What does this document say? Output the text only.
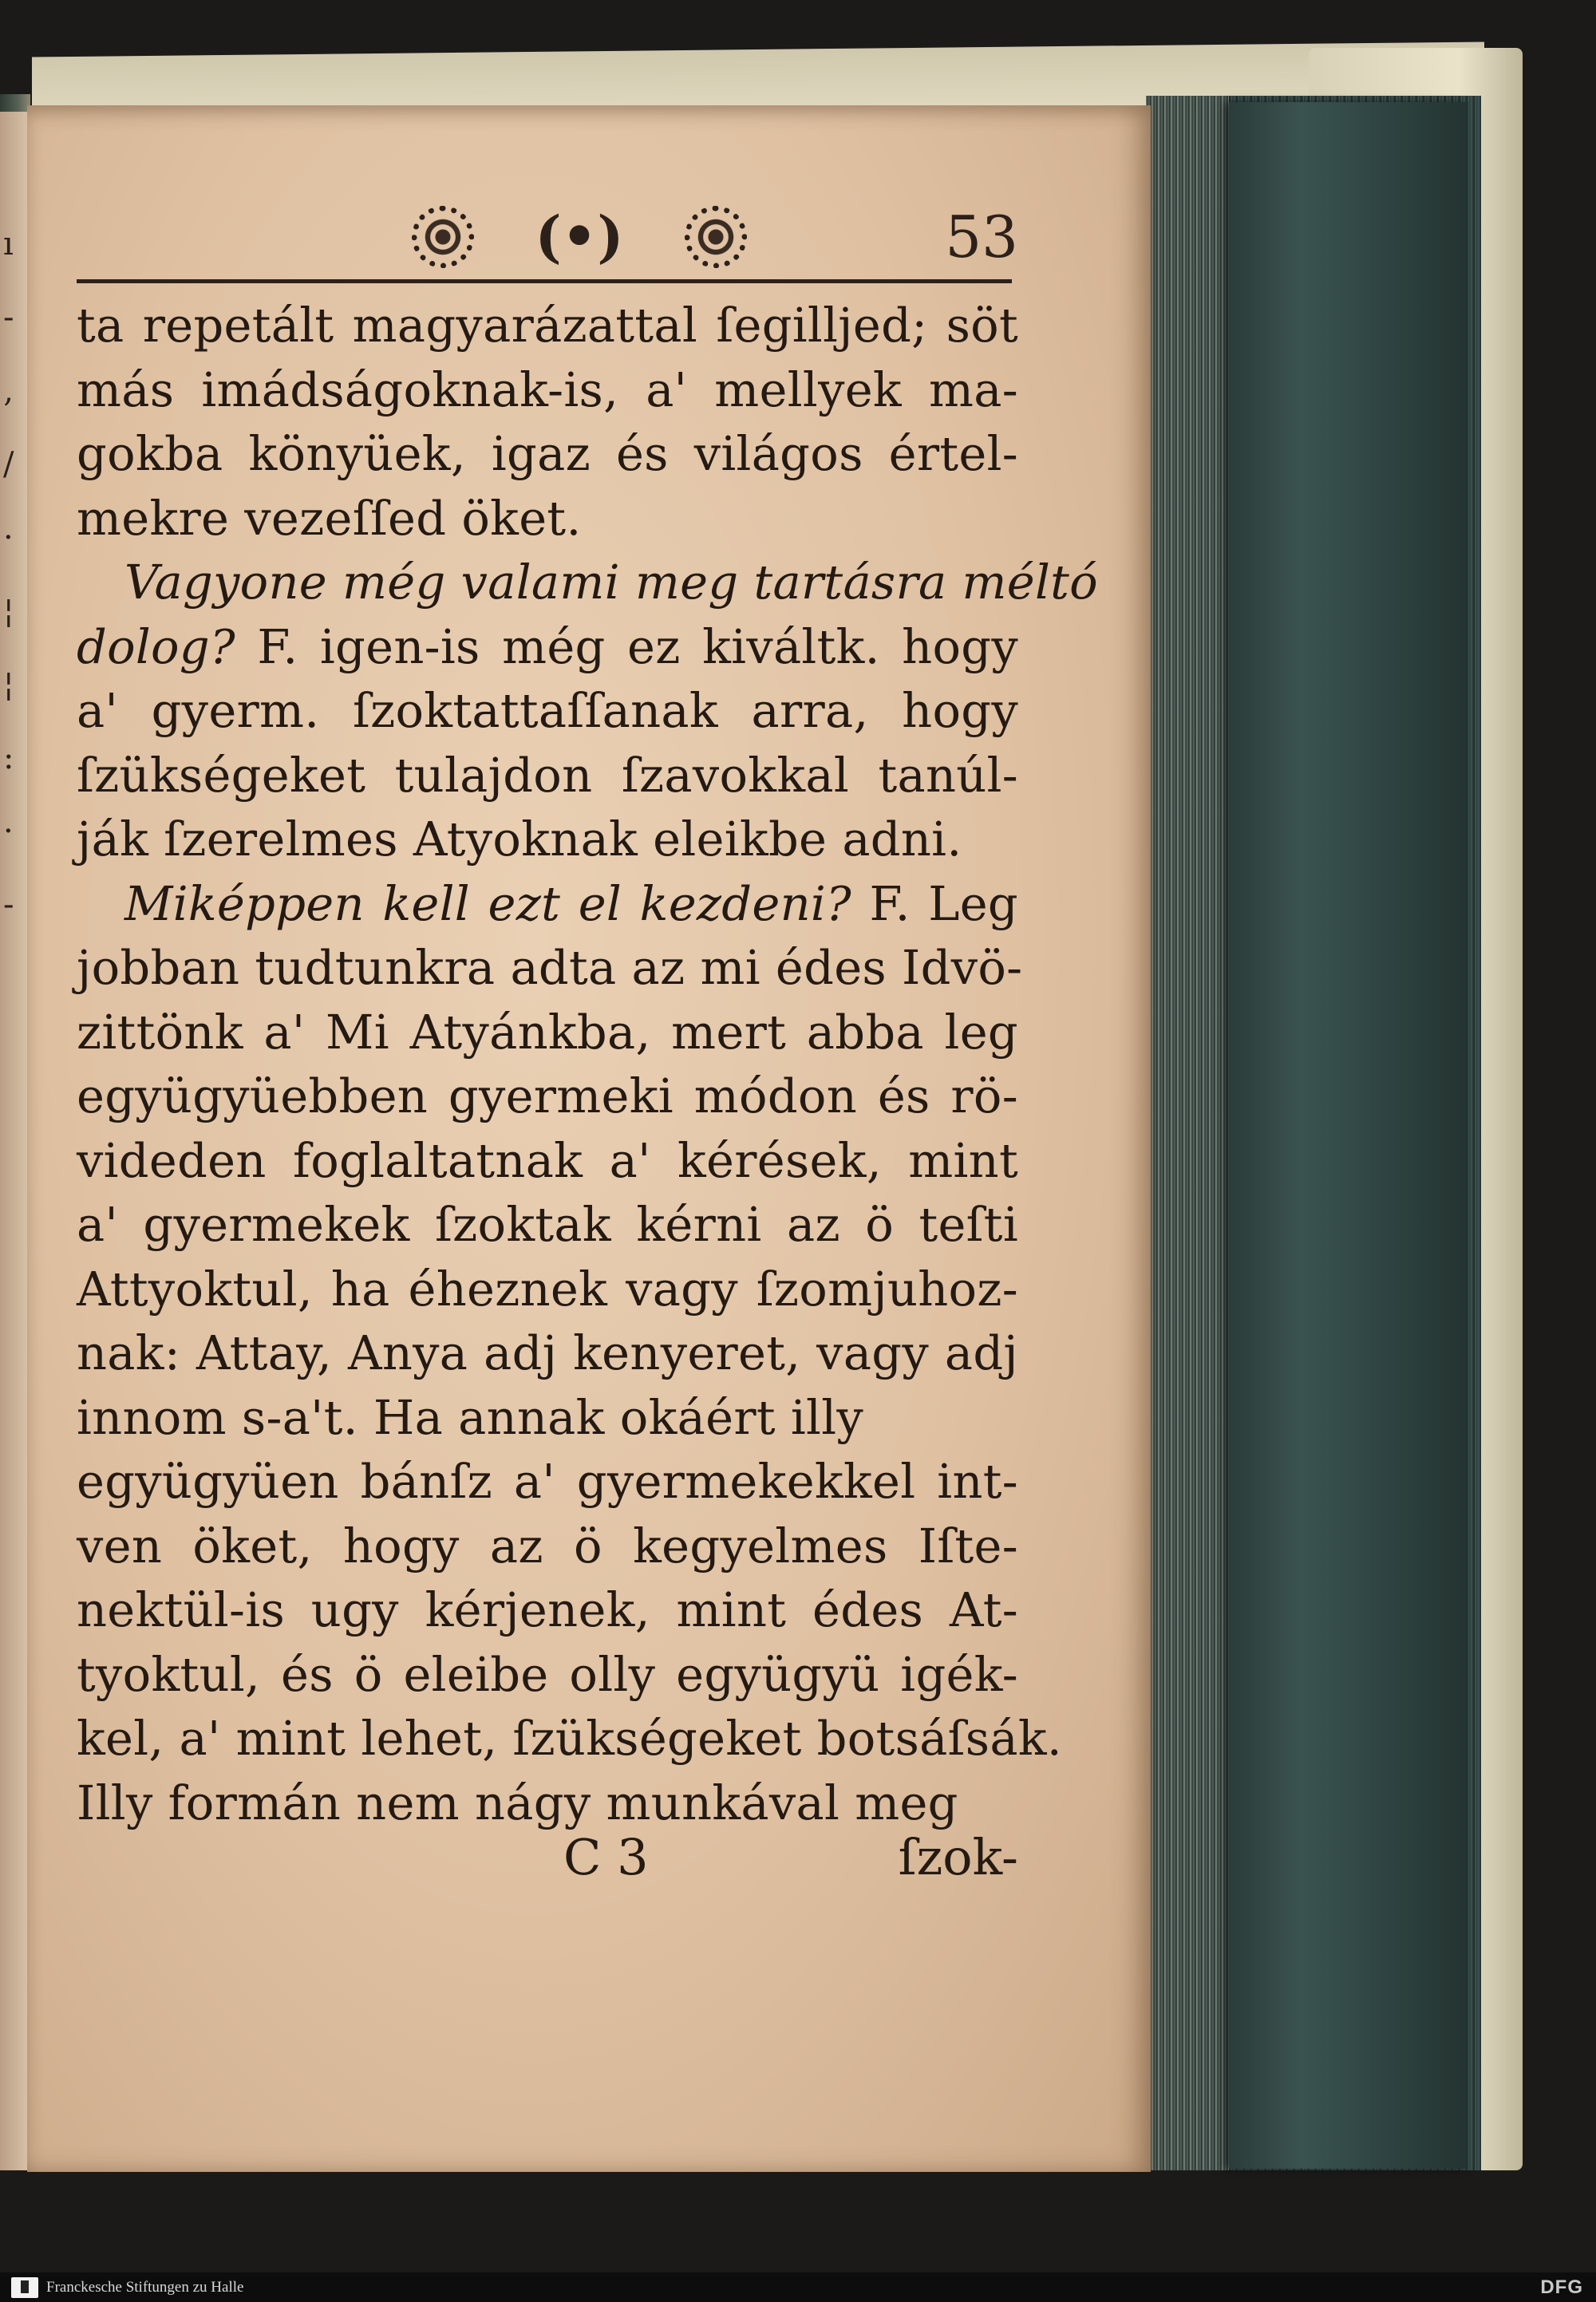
ı
-
‚
/
·
¦
¦
:
·
-
(•)	53
ta repetált magyarázattal ſegilljed; söt
más imádságoknak-is, a' mellyek ma-
gokba könyüek, igaz és világos értel-
mekre vezeſſed öket.
Vagyone még valami meg tartásra méltó
dolog? F. igen-is még ez kiváltk. hogy
a' gyerm. ſzoktattaſſanak arra, hogy
ſzükségeket tulajdon ſzavokkal tanúl-
ják ſzerelmes Atyoknak eleikbe adni.
Miképpen kell ezt el kezdeni? F. Leg
jobban tudtunkra adta az mi édes Idvö-
zittönk a' Mi Atyánkba, mert abba leg
együgyüebben gyermeki módon és rö-
videden foglaltatnak a' kérések, mint
a' gyermekek ſzoktak kérni az ö teſti
Attyoktul, ha éheznek vagy ſzomjuhoz-
nak: Attay, Anya adj kenyeret, vagy adj
innom s-a't. Ha annak okáért illy
együgyüen bánſz a' gyermekekkel int-
ven öket, hogy az ö kegyelmes Iſte-
nektül-is ugy kérjenek, mint édes At-
tyoktul, és ö eleibe olly együgyü igék-
kel, a' mint lehet, ſzükségeket botsáſsák.
Illy formán nem nágy munkával meg
C 3	ſzok-
Franckesche Stiftungen zu Halle	DFG
